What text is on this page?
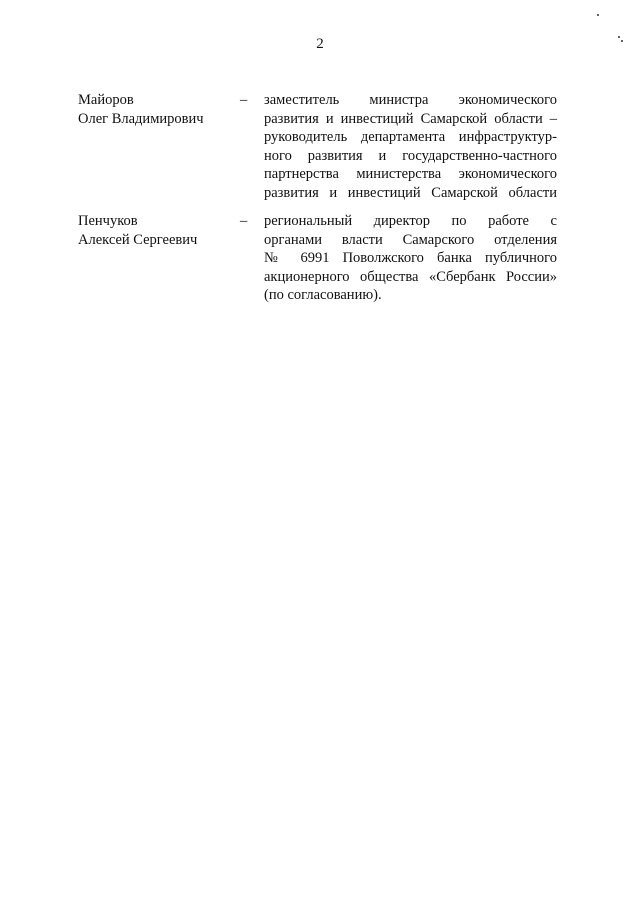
2
Майоров
Олег Владимирович
– заместитель министра экономического
развития и инвестиций Самарской области –
руководитель департамента инфраструктур-
ного развития и государственно-частного
партнерства министерства экономического
развития и инвестиций Самарской области
Пенчуков
Алексей Сергеевич
– региональный директор по работе с
органами власти Самарского отделения
№ 6991 Поволжского банка публичного
акционерного общества «Сбербанк России»
(по согласованию).
